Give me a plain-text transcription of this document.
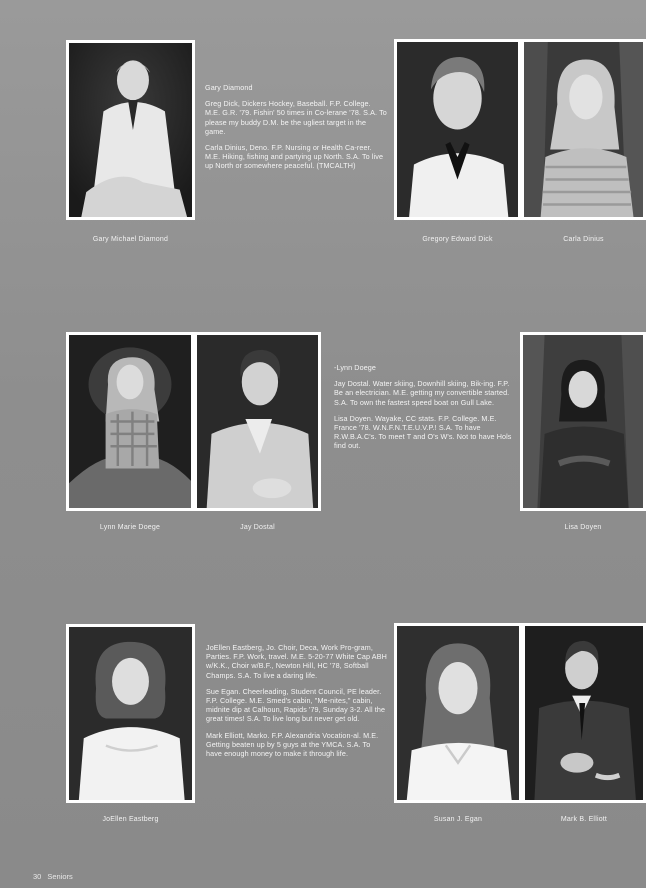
Gary Michael Diamond

Gary Diamond

Greg Dick, Dickers Hockey, Baseball. F.P. College. M.E. G.R. '79. Fishin' 50 times in Co-lerane '78. S.A. To please my buddy D.M. be the ugliest target in the game.

Carla Dinius, Deno. F.P. Nursing or Health Ca-reer. M.E. Hiking, fishing and partying up North. S.A. To live up North or somewhere peaceful. (TMCALTH)

Gregory Edward Dick	Carla Dinius
Lynn Marie Doege	Jay Dostal

-Lynn Doege

Jay Dostal. Water skiing, Downhill skiing, Bik-ing. F.P. Be an electrician. M.E. getting my convertible started. S.A. To own the fastest speed boat on Gull Lake.

Lisa Doyen. Wayake, CC stats. F.P. College. M.E. France '78. W.N.F.N.T.E.U.V.P.! S.A. To have R.W.B.A.C's. To meet T and O's W's. Not to have Hols find out.

Lisa Doyen
JoEllen Eastberg

JoEllen Eastberg, Jo. Choir, Deca, Work Pro-gram, Parties. F.P. Work, travel. M.E. 5-20-77 White Cap ABH w/K.K., Choir w/B.F., Newton Hill, HC '78, Softball Champs. S.A. To live a daring life.

Sue Egan. Cheerleading, Student Council, PE leader. F.P. College. M.E. Smed's cabin, "Me-nites," cabin, midnite dip at Calhoun, Rapids '79, Sunday 3-2. All the great times! S.A. To live long but never get old.

Mark Elliott, Marko. F.P. Alexandria Vocation-al. M.E. Getting beaten up by 5 guys at the YMCA. S.A. To have enough money to make it through life.

Susan J. Egan	Mark B. Elliott
30 Seniors
